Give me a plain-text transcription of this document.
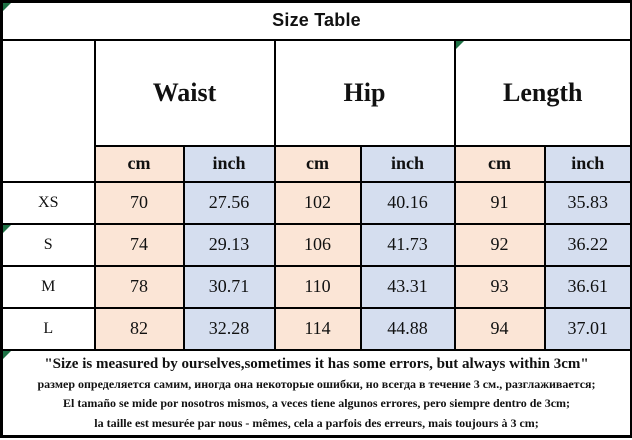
Size Table						
	Waist		Hip		Length	
	cm	inch	cm	inch	cm	inch
XS	70	27.56	102	40.16	91	35.83
S	74	29.13	106	41.73	92	36.22
M	78	30.71	110	43.31	93	36.61
L	82	32.28	114	44.88	94	37.01

"Size is measured by ourselves,sometimes it has some errors, but always within 3cm"
размер определяется самим, иногда она некоторые ошибки, но всегда в течение 3 см., разглаживается;
El tamaño se mide por nosotros mismos, a veces tiene algunos errores, pero siempre dentro de 3cm;
la taille est mesurée par nous - mêmes, cela a parfois des erreurs, mais toujours à 3 cm;						
